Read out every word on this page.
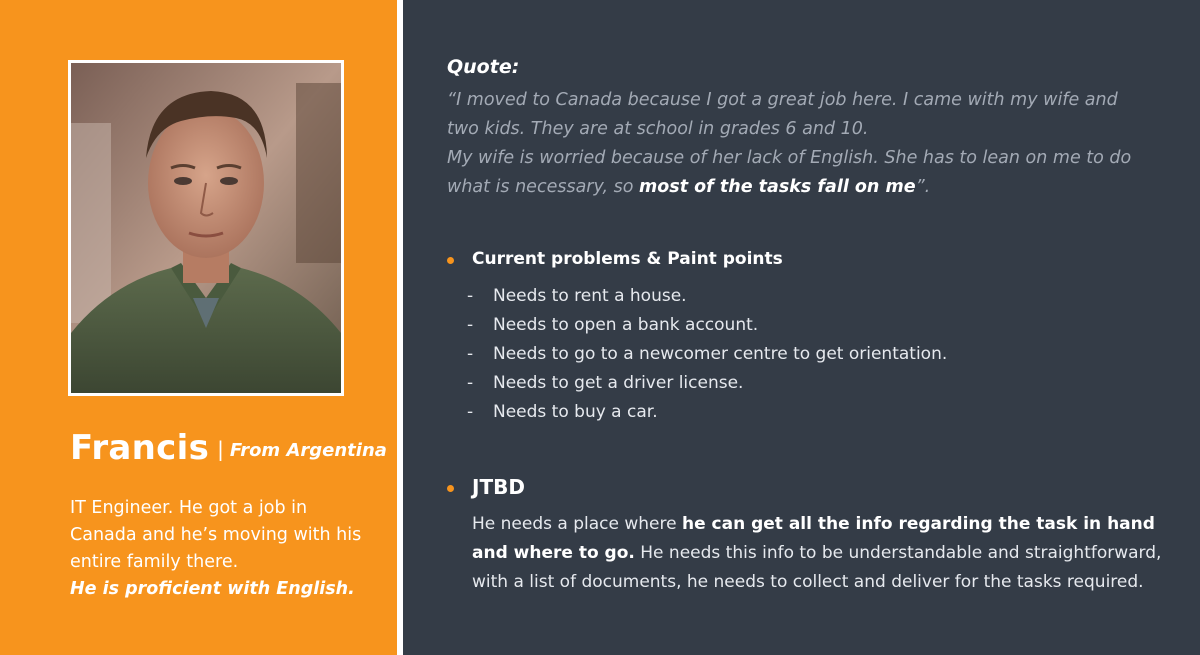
Francis | From Argentina

IT Engineer. He got a job in Canada and he’s moving with his entire family there.

He is proficient with English.

Quote:

“I moved to Canada because I got a great job here. I came with my wife and two kids. They are at school in grades 6 and 10.

My wife is worried because of her lack of English. She has to lean on me to do what is necessary, so most of the tasks fall on me”.

Current problems & Paint points
- Needs to rent a house.
- Needs to open a bank account.
- Needs to go to a newcomer centre to get orientation.
- Needs to get a driver license.
- Needs to buy a car.
JTBD

He needs a place where he can get all the info regarding the task in hand and where to go. He needs this info to be understandable and straightforward, with a list of documents, he needs to collect and deliver for the tasks required.
